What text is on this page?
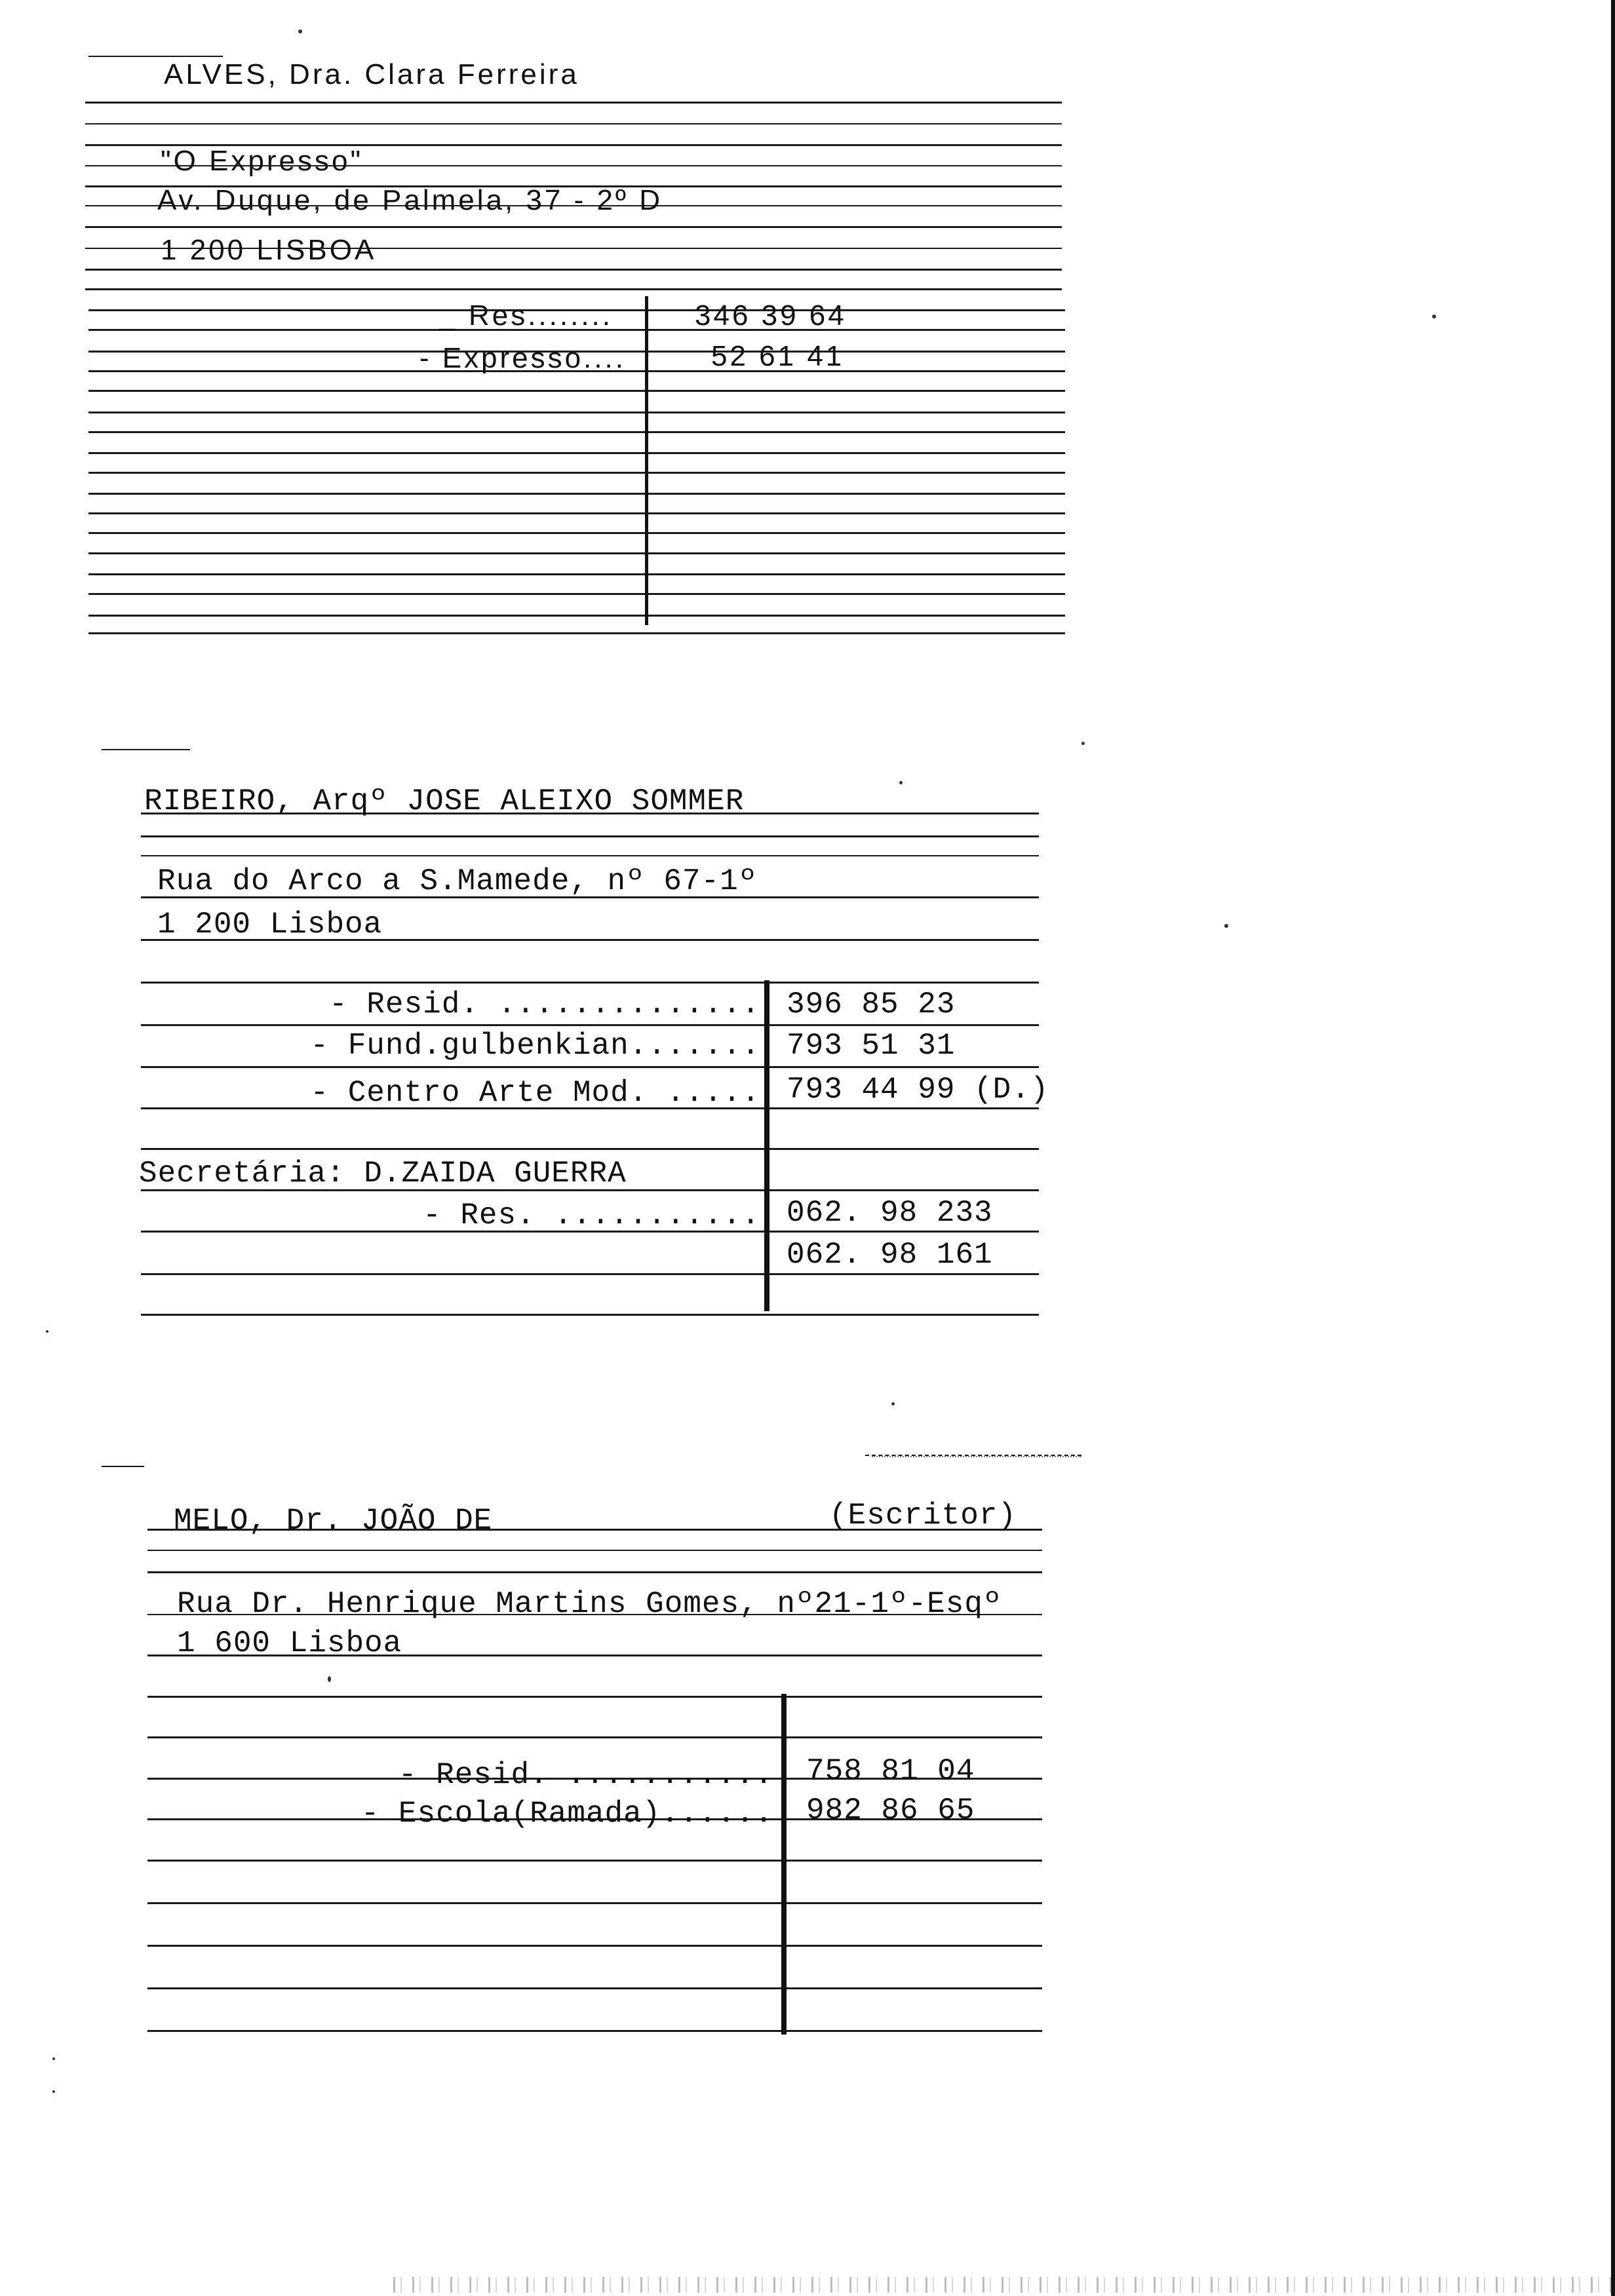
ALVES, Dra. Clara Ferreira
"O Expresso"
Av. Duque, de Palmela, 37 - 2º D
1 200 LISBOA
_ Res........	346 39 64
- Expresso....	52 61 41
RIBEIRO, Arqº JOSE ALEIXO SOMMER
Rua do Arco a S.Mamede, nº 67-1º
1 200 Lisboa
- Resid. .............. 396 85 23
- Fund.gulbenkian....... 793 51 31
- Centro Arte Mod. ..... 793 44 99 (D.)
Secretária: D.ZAIDA GUERRA
- Res. ........... 062. 98 233
062. 98 161
MELO, Dr. JOÃO DE	(Escritor)
Rua Dr. Henrique Martins Gomes, nº21-1º-Esqº
1 600 Lisboa
- Resid. ........... 758 81 04
- Escola(Ramada)...... 982 86 65
